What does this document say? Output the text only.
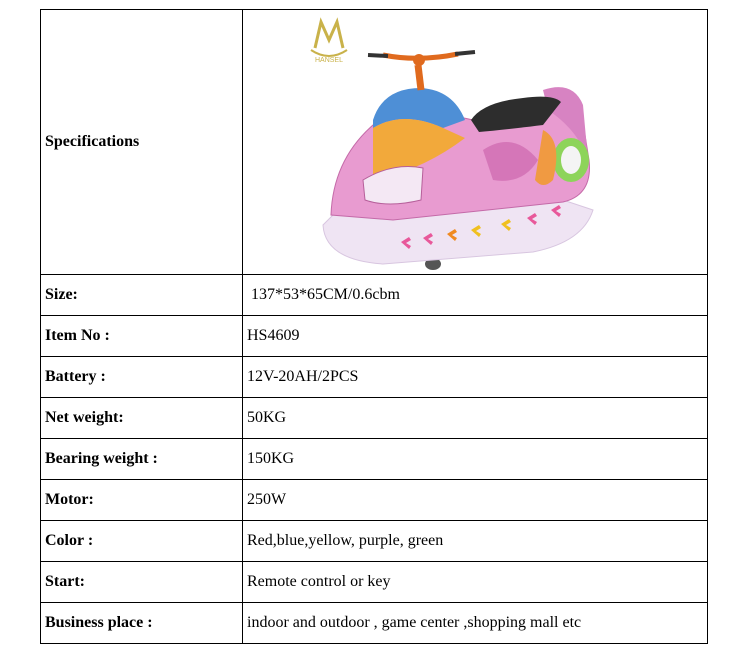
Specifications	HANSEL

Size:	137*53*65CM/0.6cbm
Item No :	HS4609
Battery :	12V-20AH/2PCS
Net weight:	50KG
Bearing weight :	150KG
Motor:	250W
Color :	Red,blue,yellow, purple, green
Start:	Remote control or key
Business place :	indoor and outdoor , game center ,shopping mall etc
